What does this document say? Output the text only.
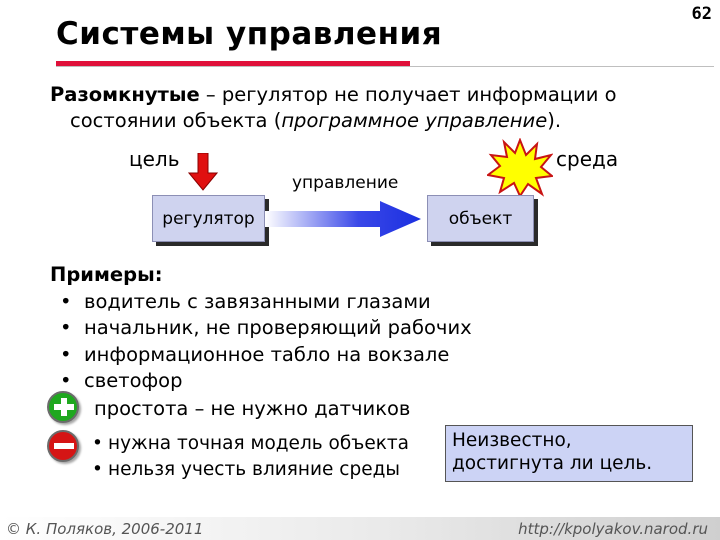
62
Системы управления
Разомкнутые – регулятор не получает информации о
состоянии объекта (программное управление).
цель
управление
среда
регулятор	объект
Примеры:
• водитель с завязанными глазами
• начальник, не проверяющий рабочих
• информационное табло на вокзале
• светофор
простота – не нужно датчиков
• нужна точная модель объекта
• нельзя учесть влияние среды
Неизвестно,
достигнута ли цель.
© К. Поляков, 2006-2011	http://kpolyakov.narod.ru
